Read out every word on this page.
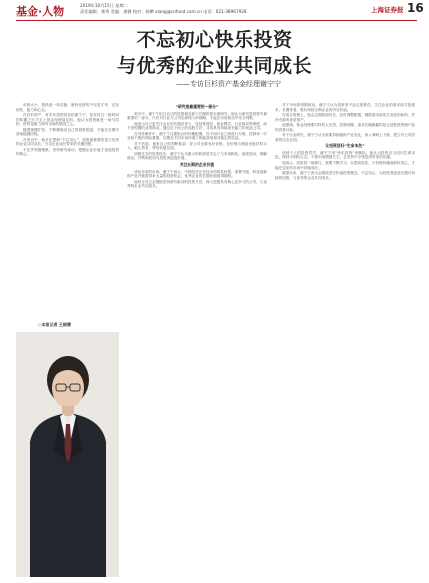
基金·人物	2019年10月15日 星期二
责任编辑：龚秀 美编：唐健 校对：杨攀 xlang@cnfund.com.cn 电话：021-38967928	上海证券报 16
不忘初心快乐投资
与优秀的企业共同成长
——专访巨杉资产基金经理谢宁宁

年龄大小，我热爱一项长跑，最终比拼的不仅是才华，还有韧性、毅力和心态。

在巨杉资产，有多年投资经验的谢宁宁，是在经过一段时间的积累之后才走上基金经理岗位的。他认为投资就是一场马拉松，拼的是耐力和对市场的敬畏之心。

随着规模扩张，不断磨砺出自己的投资框架，才能在长期中获取稳健回报。

在采访中，他多次提到“不忘初心”，投资最重要的是与优秀的企业共同成长，分享企业成长带来的长期回报。

不在乎短期涨跌，坚持研究驱动，把握企业价值才是他投资的核心。

○本报记者 王晓德

“研究是最重要的一部分”

采访中，谢宁宁坦言自己的投资理念源于长期的基本面研究，他认为研究是投资中最重要的一部分，只有对行业与公司足够深入的理解，才能在市场波动中坚守判断。

他表示自己更关注企业的长期竞争力，包括管理层、商业模式、行业格局等维度，而不是短期的业绩波动。通过自下而上的选股方法，寻找具有持续成长能力的优质公司。

在具体操作中，谢宁宁注重组合的均衡配置，在不同行业之间进行分散，控制单一行业和个股的风险暴露，以期在不同市场环境下都能获取相对稳定的收益。

对于估值，他有自己的判断框架：好公司也要有好价格，在价格合理甚至低估时买入，耐心持有，等待价值兑现。

回顾过去的投资经历，谢宁宁认为最大的收获是学会了与市场相处，接受波动，理解波动，并利用波动为投资者创造价值。

关注长期的企业价值

谈及未来的市场，谢宁宁表示，中国经济正在经历结构性转型，消费升级、科技创新和产业升级将带来大量的投资机会，优秀企业的长期价值值得期待。

他坦言自己会继续坚持研究驱动的投资方法，深入挖掘具有核心竞争力的公司，与优秀的企业共同成长。

对于市场的短期波动，谢宁宁认为投资者不必过度焦虑，关注企业的基本面才是根本，长期来看，股价终将反映企业的内在价值。

在组合管理上，他会定期检视持仓，及时调整配置，剔除基本面发生变化的标的，并补充新的优质资产。

他强调，基金经理要对持有人负责，控制回撤、追求长期稳健的复合回报是管理产品的首要目标。

对于行业研究，谢宁宁认为需要持续跟踪产业变化，深入调研上下游，建立对公司经营的动态认知。

让投资回归“生命本色”

谈到个人的投资哲学，谢宁宁用“快乐投资”来概括。他认为投资应当回归生命本色，保持平和的心态，不被市场情绪左右，在坚持中享受投资带来的乐趣。

他表示，投资是一场修行，需要不断学习、反思和进化，只有保持谦逊和好奇心，才能在变化的市场中持续成长。

展望未来，谢宁宁表示会继续坚守价值投资理念，不忘初心，为投资者创造长期可持续的回报，与优秀的企业共同成长。
